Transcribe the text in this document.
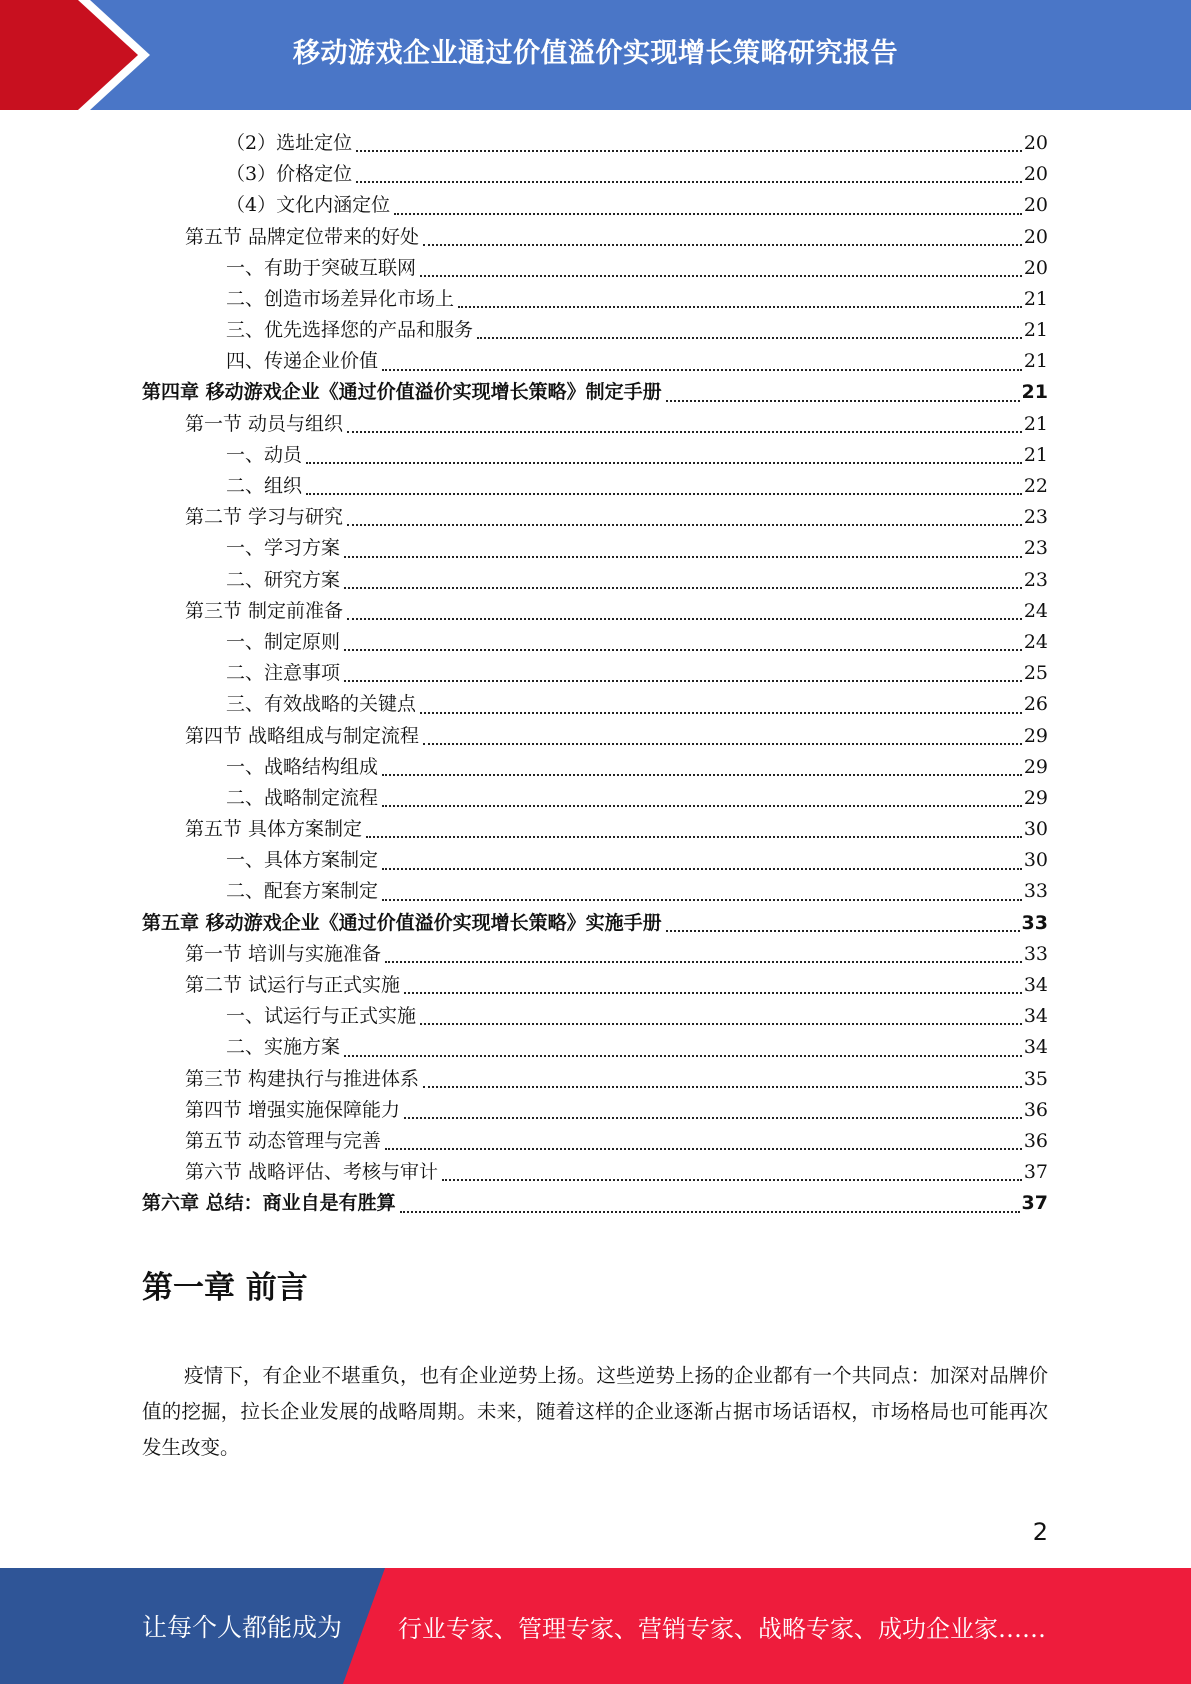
移动游戏企业通过价值溢价实现增长策略研究报告
（2）选址定位	20
（3）价格定位	20
（4）文化内涵定位	20
第五节 品牌定位带来的好处	20
一、有助于突破互联网	20
二、创造市场差异化市场上	21
三、优先选择您的产品和服务	21
四、传递企业价值	21
第四章 移动游戏企业《通过价值溢价实现增长策略》制定手册	21
第一节 动员与组织	21
一、动员	21
二、组织	22
第二节 学习与研究	23
一、学习方案	23
二、研究方案	23
第三节 制定前准备	24
一、制定原则	24
二、注意事项	25
三、有效战略的关键点	26
第四节 战略组成与制定流程	29
一、战略结构组成	29
二、战略制定流程	29
第五节 具体方案制定	30
一、具体方案制定	30
二、配套方案制定	33
第五章 移动游戏企业《通过价值溢价实现增长策略》实施手册	33
第一节 培训与实施准备	33
第二节 试运行与正式实施	34
一、试运行与正式实施	34
二、实施方案	34
第三节 构建执行与推进体系	35
第四节 增强实施保障能力	36
第五节 动态管理与完善	36
第六节 战略评估、考核与审计	37
第六章 总结：商业自是有胜算	37
第一章 前言

疫情下，有企业不堪重负，也有企业逆势上扬。这些逆势上扬的企业都有一个共同点：加深对品牌价值的挖掘，拉长企业发展的战略周期。未来，随着这样的企业逐渐占据市场话语权，市场格局也可能再次发生改变。

2
让每个人都能成为 行业专家、管理专家、营销专家、战略专家、成功企业家……
